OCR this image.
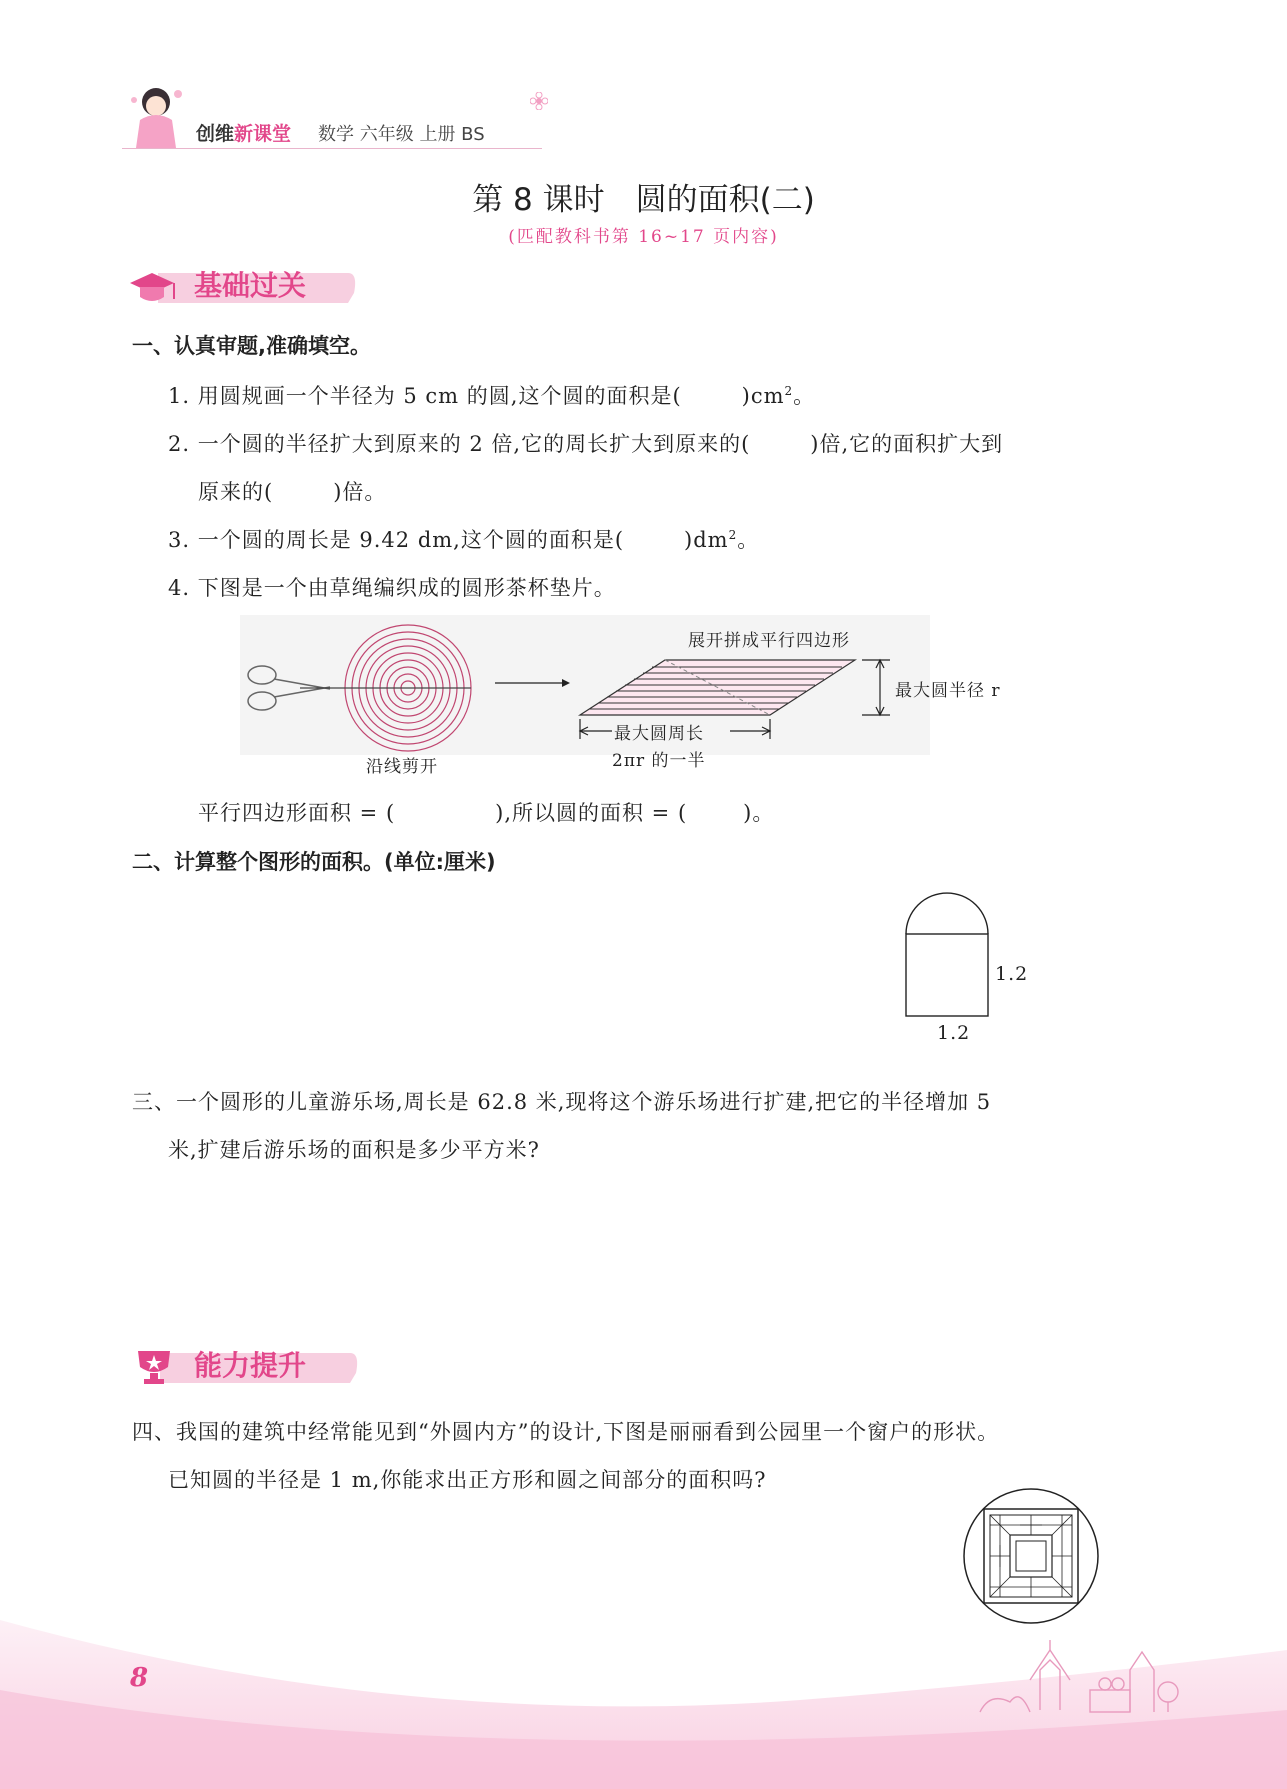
创维新课堂 数学 六年级 上册 BS
第 8 课时　圆的面积(二)
(匹配教科书第 16~17 页内容)
基础过关
一、认真审题,准确填空。
1. 用圆规画一个半径为 5 cm 的圆,这个圆的面积是(	)$cm^2$。
2. 一个圆的半径扩大到原来的 2 倍,它的周长扩大到原来的(	)倍,它的面积扩大到
原来的(	)倍。
3. 一个圆的周长是 9.42 dm,这个圆的面积是(	)$dm^2$。
4. 下图是一个由草绳编织成的圆形茶杯垫片。
展开拼成平行四边形
最大圆半径 r
最大圆周长
2πr 的一半
沿线剪开
平行四边形面积 = (	),所以圆的面积 = (	)。
二、计算整个图形的面积。(单位:厘米)
1.2
1.2
三、一个圆形的儿童游乐场,周长是 62.8 米,现将这个游乐场进行扩建,把它的半径增加 5
米,扩建后游乐场的面积是多少平方米?
能力提升
四、我国的建筑中经常能见到“外圆内方”的设计,下图是丽丽看到公园里一个窗户的形状。
已知圆的半径是 1 m,你能求出正方形和圆之间部分的面积吗?
8
